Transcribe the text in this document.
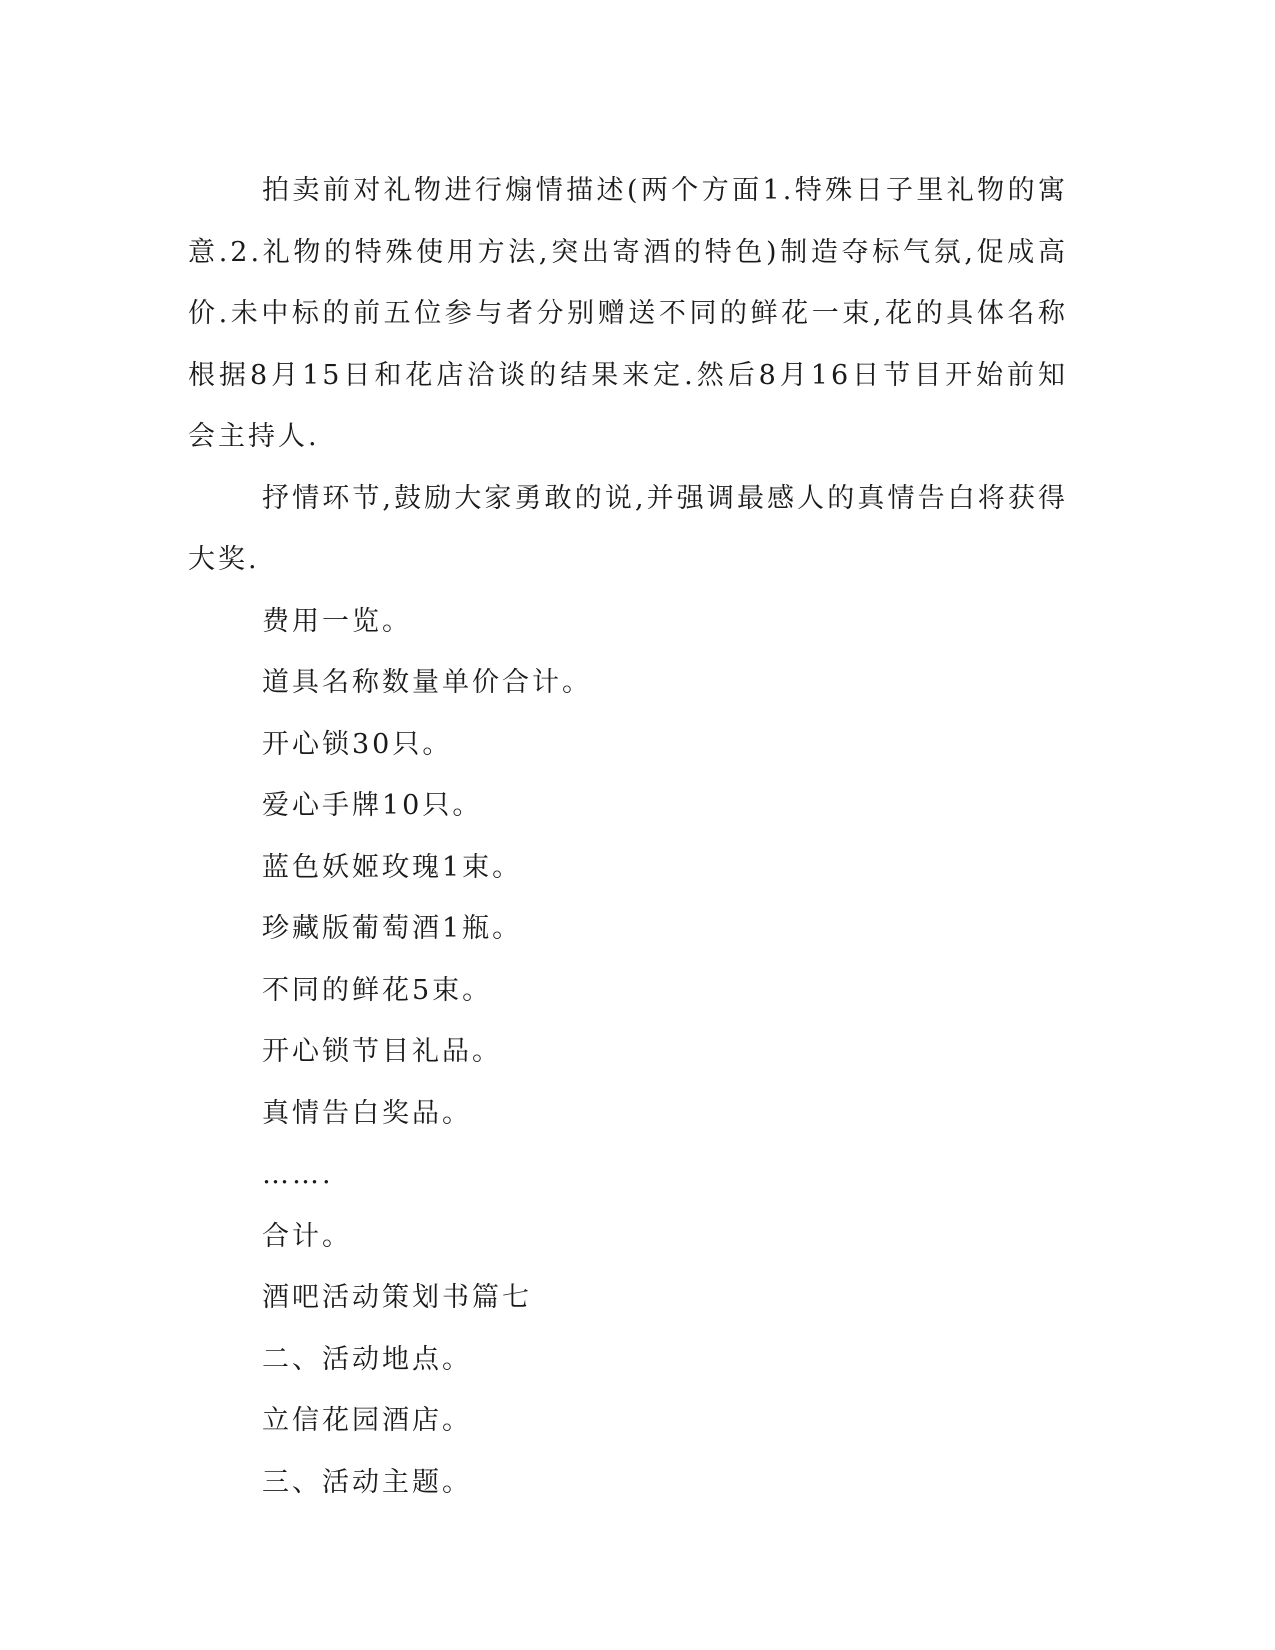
拍卖前对礼物进行煽情描述(两个方面1.特殊日子里礼物的寓意.2.礼物的特殊使用方法,突出寄酒的特色)制造夺标气氛,促成高价.未中标的前五位参与者分别赠送不同的鲜花一束,花的具体名称根据8月15日和花店洽谈的结果来定.然后8月16日节目开始前知会主持人.

抒情环节,鼓励大家勇敢的说,并强调最感人的真情告白将获得大奖.

费用一览。

道具名称数量单价合计。

开心锁30只。

爱心手牌10只。

蓝色妖姬玫瑰1束。

珍藏版葡萄酒1瓶。

不同的鲜花5束。

开心锁节目礼品。

真情告白奖品。

…….

合计。

酒吧活动策划书篇七

二、活动地点。

立信花园酒店。

三、活动主题。
